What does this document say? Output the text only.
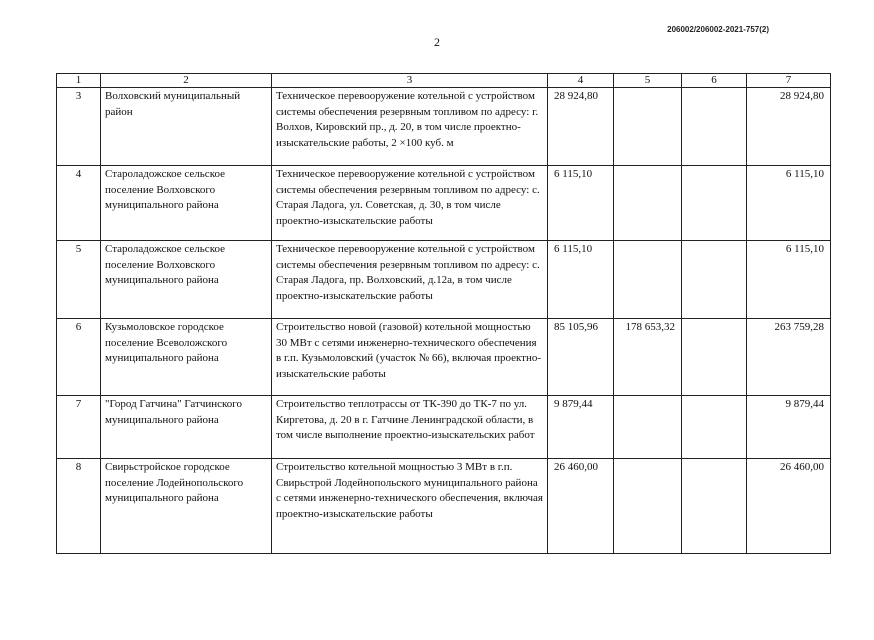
206002/206002-2021-757(2)
2
1	2	3	4	5	6	7
3	Волховский муниципальный район	Техническое перевооружение котельной с устройством системы обеспечения резервным топливом по адресу: г. Волхов, Кировский пр., д. 20, в том числе проектно-изыскательские работы, 2 ×100 куб. м	28 924,80			28 924,80
4	Староладожское сельское поселение Волховского муниципального района	Техническое перевооружение котельной с устройством системы обеспечения резервным топливом по адресу: с. Старая Ладога, ул. Советская, д. 30, в том числе проектно-изыскательские работы	6 115,10			6 115,10
5	Староладожское сельское поселение Волховского муниципального района	Техническое перевооружение котельной с устройством системы обеспечения резервным топливом по адресу: с. Старая Ладога, пр. Волховский, д.12а, в том числе проектно-изыскательские работы	6 115,10			6 115,10
6	Кузьмоловское городское поселение Всеволожского муниципального района	Строительство новой (газовой) котельной мощностью 30 МВт с сетями инженерно-технического обеспечения в г.п. Кузьмоловский (участок № 66), включая проектно-изыскательские работы	85 105,96	178 653,32		263 759,28
7	"Город Гатчина" Гатчинского муниципального района	Строительство теплотрассы от ТК-390 до ТК-7 по ул. Киргетова, д. 20 в г. Гатчине Ленинградской области, в том числе выполнение проектно-изыскательских работ	9 879,44			9 879,44
8	Свирьстройское городское поселение Лодейнопольского муниципального района	Строительство котельной мощностью 3 МВт в г.п. Свирьстрой Лодейнопольского муниципального района с сетями инженерно-технического обеспечения, включая проектно-изыскательские работы	26 460,00			26 460,00
